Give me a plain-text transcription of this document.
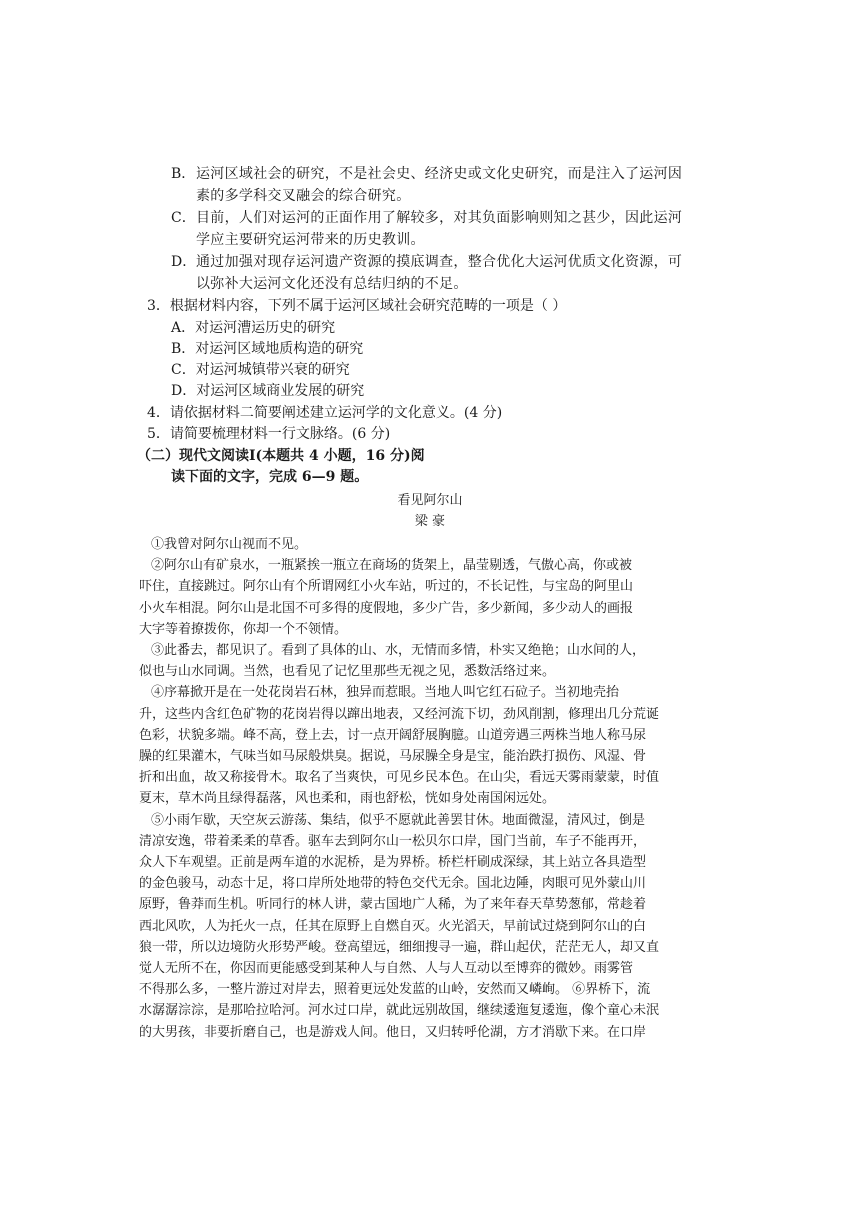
B． 运河区域社会的研究，不是社会史、经济史或文化史研究，而是注入了运河因
素的多学科交叉融会的综合研究。
C． 目前，人们对运河的正面作用了解较多，对其负面影响则知之甚少，因此运河
学应主要研究运河带来的历史教训。
D． 通过加强对现存运河遗产资源的摸底调查，整合优化大运河优质文化资源，可
以弥补大运河文化还没有总结归纳的不足。
3．根据材料内容，下列不属于运河区域社会研究范畴的一项是（ ）
A．对运河漕运历史的研究
B．对运河区域地质构造的研究
C．对运河城镇带兴衰的研究
D．对运河区域商业发展的研究
4．请依据材料二简要阐述建立运河学的文化意义。(4 分)
5．请简要梳理材料一行文脉络。(6 分)
（二）现代文阅读Ⅰ(本题共 4 小题，16 分)阅
读下面的文字，完成 6—9 题。
看见阿尔山
梁 豪
①我曾对阿尔山视而不见。
②阿尔山有矿泉水，一瓶紧挨一瓶立在商场的货架上，晶莹剔透，气傲心高，你或被
吓住，直接跳过。阿尔山有个所谓网红小火车站，听过的，不长记性，与宝岛的阿里山
小火车相混。阿尔山是北国不可多得的度假地，多少广告，多少新闻，多少动人的画报
大字等着撩拨你，你却一个不领情。
③此番去，都见识了。看到了具体的山、水，无情而多情，朴实又绝艳；山水间的人，
似也与山水同调。当然，也看见了记忆里那些无视之见，悉数活络过来。
④序幕掀开是在一处花岗岩石林，独异而惹眼。当地人叫它红石砬子。当初地壳抬
升，这些内含红色矿物的花岗岩得以蹿出地表，又经河流下切，劲风削割，修理出几分荒诞
色彩，状貌多端。峰不高，登上去，讨一点开阔舒展胸臆。山道旁遇三两株当地人称马尿
臊的红果灌木，气味当如马尿般烘臭。据说，马尿臊全身是宝，能治跌打损伤、风湿、骨
折和出血，故又称接骨木。取名了当爽快，可见乡民本色。在山尖，看远天雾雨蒙蒙，时值
夏末，草木尚且绿得磊落，风也柔和，雨也舒松，恍如身处南国闲远处。
⑤小雨乍歇，天空灰云游荡、集结，似乎不愿就此善罢甘休。地面微湿，清风过，倒是
清凉安逸，带着柔柔的草香。驱车去到阿尔山一松贝尔口岸，国门当前，车子不能再开，
众人下车观望。正前是两车道的水泥桥，是为界桥。桥栏杆刷成深绿，其上站立各具造型
的金色骏马，动态十足，将口岸所处地带的特色交代无余。国北边陲，肉眼可见外蒙山川
原野，鲁莽而生机。听同行的林人讲，蒙古国地广人稀，为了来年春天草势葱郁，常趁着
西北风吹，人为托火一点，任其在原野上自燃自灭。火光滔天，早前试过烧到阿尔山的白
狼一带，所以边境防火形势严峻。登高望远，细细搜寻一遍，群山起伏，茫茫无人，却又直
觉人无所不在，你因而更能感受到某种人与自然、人与人互动以至博弈的微妙。雨雾管
不得那么多，一整片游过对岸去，照着更远处发蓝的山岭，安然而又嶙峋。 ⑥界桥下，流
水潺潺淙淙，是那哈拉哈河。河水过口岸，就此远别故国，继续逶迤复逶迤，像个童心未泯
的大男孩，非要折磨自己，也是游戏人间。他日，又归转呼伦湖，方才消歇下来。在口岸
